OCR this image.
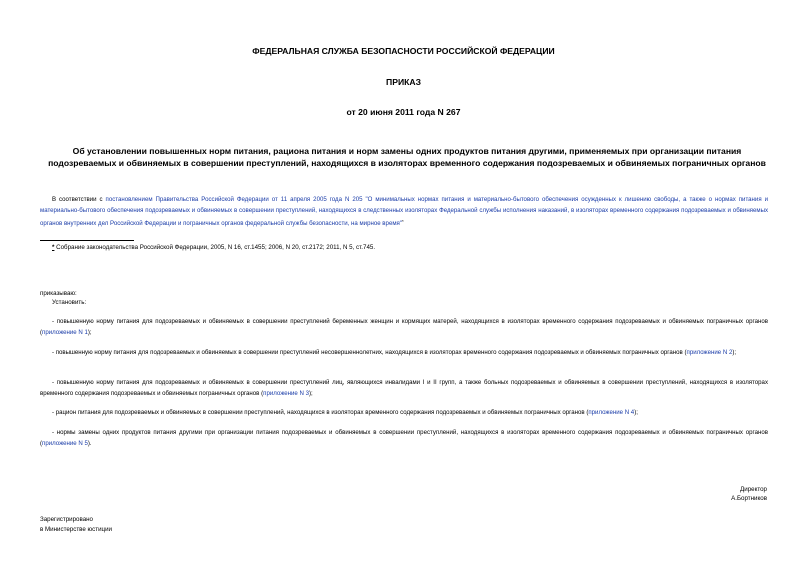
ФЕДЕРАЛЬНАЯ СЛУЖБА БЕЗОПАСНОСТИ РОССИЙСКОЙ ФЕДЕРАЦИИ
ПРИКАЗ
от 20 июня 2011 года N 267
Об установлении повышенных норм питания, рациона питания и норм замены одних продуктов питания другими, применяемых при организации питания подозреваемых и обвиняемых в совершении преступлений, находящихся в изоляторах временного содержания подозреваемых и обвиняемых пограничных органов
В соответствии с постановлением Правительства Российской Федерации от 11 апреля 2005 года N 205 "О минимальных нормах питания и материально-бытового обеспечения осужденных к лишению свободы, а также о нормах питания и материально-бытового обеспечения подозреваемых и обвиняемых в совершении преступлений, находящихся в следственных изоляторах Федеральной службы исполнения наказаний, в изоляторах временного содержания подозреваемых и обвиняемых органов внутренних дел Российской Федерации и пограничных органов федеральной службы безопасности, на мирное время"*
* Собрание законодательства Российской Федерации, 2005, N 16, ст.1455; 2006, N 20, ст.2172; 2011, N 5, ст.745.
приказываю:
Установить:
- повышенную норму питания для подозреваемых и обвиняемых в совершении преступлений беременных женщин и кормящих матерей, находящихся в изоляторах временного содержания подозреваемых и обвиняемых пограничных органов (приложение N 1);
- повышенную норму питания для подозреваемых и обвиняемых в совершении преступлений несовершеннолетних, находящихся в изоляторах временного содержания подозреваемых и обвиняемых пограничных органов (приложение N 2);
- повышенную норму питания для подозреваемых и обвиняемых в совершении преступлений лиц, являющихся инвалидами I и II групп, а также больных подозреваемых и обвиняемых в совершении преступлений, находящихся в изоляторах временного содержания подозреваемых и обвиняемых пограничных органов (приложение N 3);
- рацион питания для подозреваемых и обвиняемых в совершении преступлений, находящихся в изоляторах временного содержания подозреваемых и обвиняемых пограничных органов (приложение N 4);
- нормы замены одних продуктов питания другими при организации питания подозреваемых и обвиняемых в совершении преступлений, находящихся в изоляторах временного содержания подозреваемых и обвиняемых пограничных органов (приложение N 5).
Директор
А.Бортников
Зарегистрировано
в Министерстве юстиции
